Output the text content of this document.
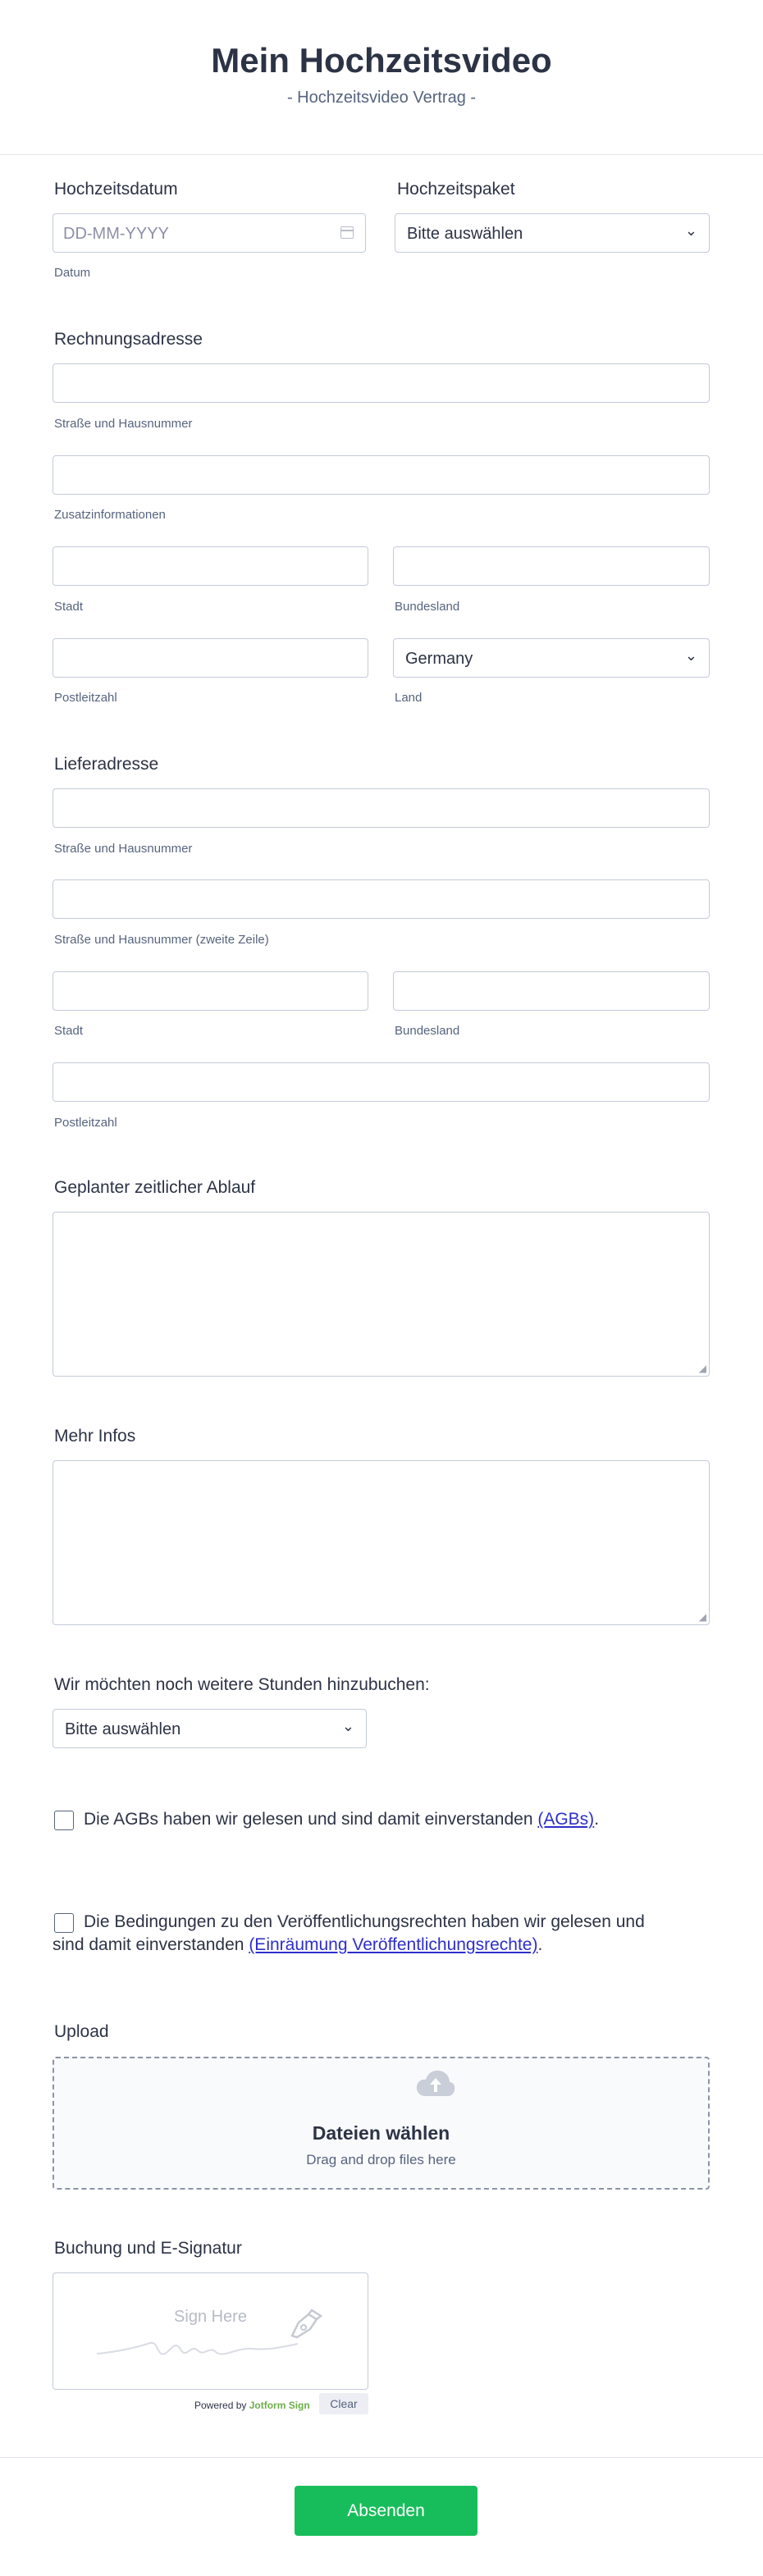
Mein Hochzeitsvideo
- Hochzeitsvideo Vertrag -
Hochzeitsdatum
DD-MM-YYYY
Datum
Hochzeitspaket
Bitte auswählen	⌄
Rechnungsadresse
Straße und Hausnummer
Zusatzinformationen
Stadt	Bundesland
Postleitzahl
Germany	⌄
Land
Lieferadresse
Straße und Hausnummer
Straße und Hausnummer (zweite Zeile)
Stadt	Bundesland
Postleitzahl
Geplanter zeitlicher Ablauf
◢
Mehr Infos
◢
Wir möchten noch weitere Stunden hinzubuchen:
Bitte auswählen	⌄
Die AGBs haben wir gelesen und sind damit einverstanden (AGBs).
Die Bedingungen zu den Veröffentlichungsrechten haben wir gelesen und sind damit einverstanden (Einräumung Veröffentlichungsrechte).
Upload
Dateien wählen
Drag and drop files here
Buchung und E-Signatur
Sign Here
Powered by Jotform Sign	Clear
Absenden
